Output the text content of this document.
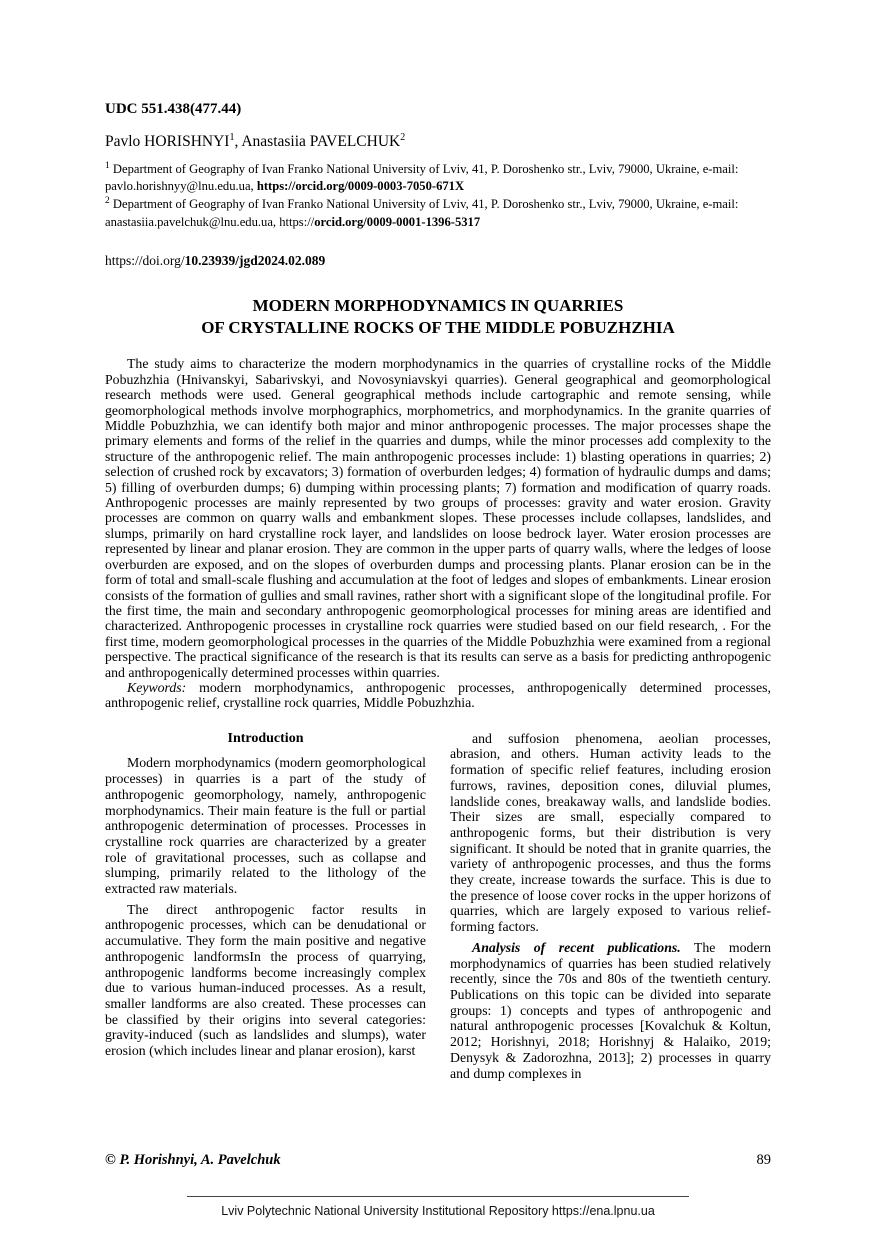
UDC 551.438(477.44)

Pavlo HORISHNYI$^1$, Anastasiia PAVELCHUK$^2$

$^1$ Department of Geography of Ivan Franko National University of Lviv, 41, P. Doroshenko str., Lviv, 79000, Ukraine, e-mail: pavlo.horishnyy@lnu.edu.ua, https://orcid.org/0009-0003-7050-671X
$^2$ Department of Geography of Ivan Franko National University of Lviv, 41, P. Doroshenko str., Lviv, 79000, Ukraine, e-mail: anastasiia.pavelchuk@lnu.edu.ua, https://orcid.org/0009-0001-1396-5317

https://doi.org/10.23939/jgd2024.02.089

MODERN MORPHODYNAMICS IN QUARRIES
OF CRYSTALLINE ROCKS OF THE MIDDLE POBUZHZHIA

The study aims to characterize the modern morphodynamics in the quarries of crystalline rocks of the Middle Pobuzhzhia (Hnivanskyi, Sabarivskyi, and Novosyniavskyi quarries). General geographical and geomorphological research methods were used. General geographical methods include cartographic and remote sensing, while geomorphological methods involve morphographics, morphometrics, and morphodynamics. In the granite quarries of Middle Pobuzhzhia, we can identify both major and minor anthropogenic processes. The major processes shape the primary elements and forms of the relief in the quarries and dumps, while the minor processes add complexity to the structure of the anthropogenic relief. The main anthropogenic processes include: 1) blasting operations in quarries; 2) selection of crushed rock by excavators; 3) formation of overburden ledges; 4) formation of hydraulic dumps and dams; 5) filling of overburden dumps; 6) dumping within processing plants; 7) formation and modification of quarry roads. Anthropogenic processes are mainly represented by two groups of processes: gravity and water erosion. Gravity processes are common on quarry walls and embankment slopes. These processes include collapses, landslides, and slumps, primarily on hard crystalline rock layer, and landslides on loose bedrock layer. Water erosion processes are represented by linear and planar erosion. They are common in the upper parts of quarry walls, where the ledges of loose overburden are exposed, and on the slopes of overburden dumps and processing plants. Planar erosion can be in the form of total and small-scale flushing and accumulation at the foot of ledges and slopes of embankments. Linear erosion consists of the formation of gullies and small ravines, rather short with a significant slope of the longitudinal profile. For the first time, the main and secondary anthropogenic geomorphological processes for mining areas are identified and characterized. Anthropogenic processes in crystalline rock quarries were studied based on our field research, . For the first time, modern geomorphological processes in the quarries of the Middle Pobuzhzhia were examined from a regional perspective. The practical significance of the research is that its results can serve as a basis for predicting anthropogenic and anthropogenically determined processes within quarries.

Keywords: modern morphodynamics, anthropogenic processes, anthropogenically determined processes, anthropogenic relief, crystalline rock quarries, Middle Pobuzhzhia.

Introduction

Modern morphodynamics (modern geomorphological processes) in quarries is a part of the study of anthropogenic geomorphology, namely, anthropogenic morphodynamics. Their main feature is the full or partial anthropogenic determination of processes. Processes in crystalline rock quarries are characterized by a greater role of gravitational processes, such as collapse and slumping, primarily related to the lithology of the extracted raw materials.

The direct anthropogenic factor results in anthropogenic processes, which can be denudational or accumulative. They form the main positive and negative anthropogenic landformsIn the process of quarrying, anthropogenic landforms become increasingly complex due to various human-induced processes. As a result, smaller landforms are also created. These processes can be classified by their origins into several categories: gravity-induced (such as landslides and slumps), water erosion (which includes linear and planar erosion), karst

and suffosion phenomena, aeolian processes, abrasion, and others. Human activity leads to the formation of specific relief features, including erosion furrows, ravines, deposition cones, diluvial plumes, landslide cones, breakaway walls, and landslide bodies. Their sizes are small, especially compared to anthropogenic forms, but their distribution is very significant. It should be noted that in granite quarries, the variety of anthropogenic processes, and thus the forms they create, increase towards the surface. This is due to the presence of loose cover rocks in the upper horizons of quarries, which are largely exposed to various relief-forming factors.

Analysis of recent publications. The modern morphodynamics of quarries has been studied relatively recently, since the 70s and 80s of the twentieth century. Publications on this topic can be divided into separate groups: 1) concepts and types of anthropogenic and natural anthropogenic processes [Kovalchuk & Koltun, 2012; Horishnyi, 2018; Horishnyj & Halaiko, 2019; Denysyk & Zadorozhna, 2013]; 2) processes in quarry and dump complexes in

© P. Horishnyi, A. Pavelchuk	89
Lviv Polytechnic National University Institutional Repository https://ena.lpnu.ua
